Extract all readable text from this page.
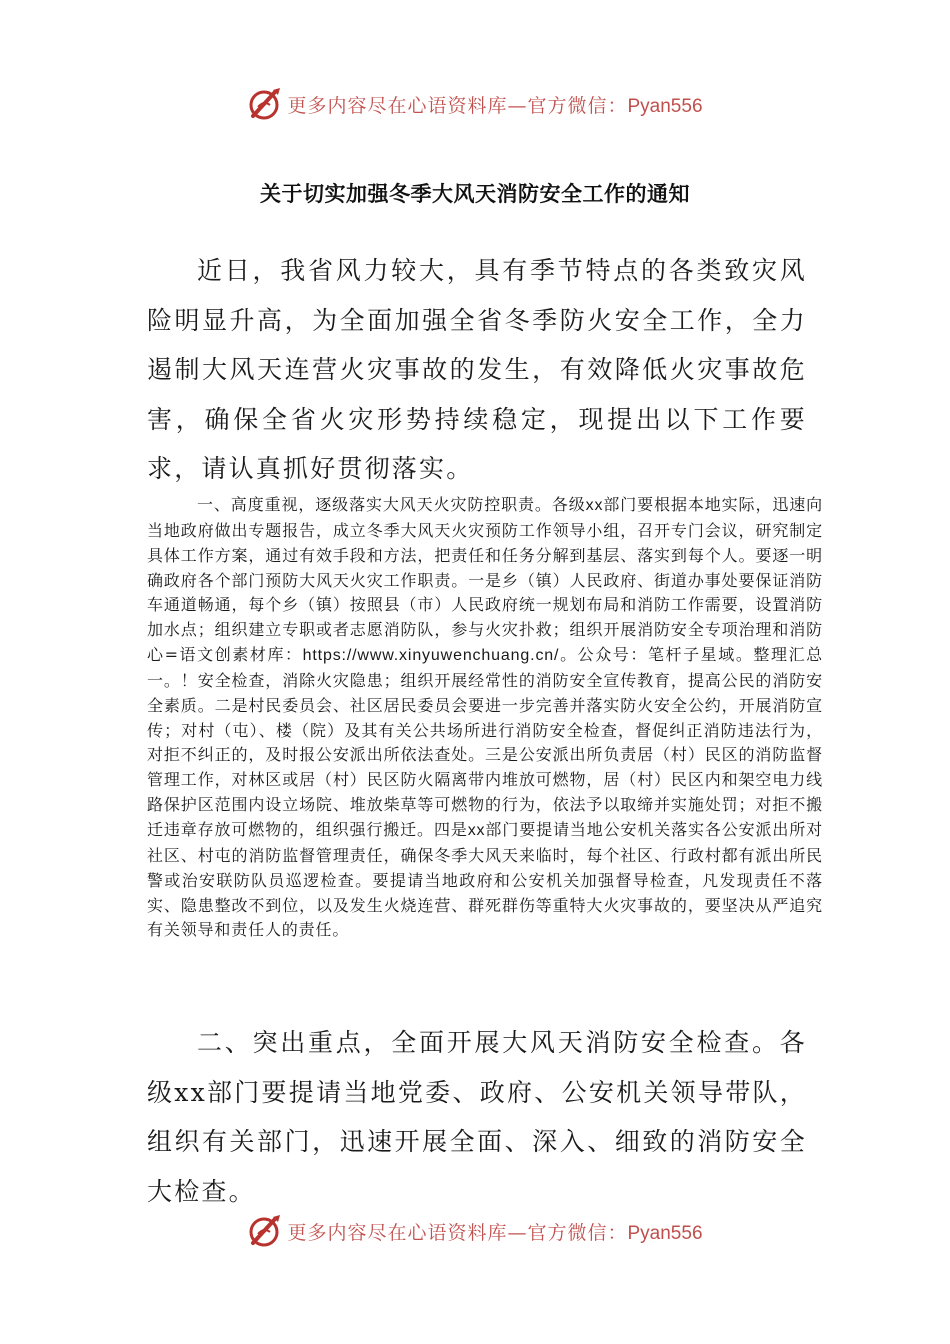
更多内容尽在心语资料库—官方微信：Pyan556
关于切实加强冬季大风天消防安全工作的通知

近日，我省风力较大，具有季节特点的各类致灾风险明显升高，为全面加强全省冬季防火安全工作，全力遏制大风天连营火灾事故的发生，有效降低火灾事故危害，确保全省火灾形势持续稳定，现提出以下工作要求，请认真抓好贯彻落实。

一、高度重视，逐级落实大风天火灾防控职责。各级xx部门要根据本地实际，迅速向当地政府做出专题报告，成立冬季大风天火灾预防工作领导小组，召开专门会议，研究制定具体工作方案，通过有效手段和方法，把责任和任务分解到基层、落实到每个人。要逐一明确政府各个部门预防大风天火灾工作职责。一是乡（镇）人民政府、街道办事处要保证消防车通道畅通，每个乡（镇）按照县（市）人民政府统一规划布局和消防工作需要，设置消防加水点；组织建立专职或者志愿消防队，参与火灾扑救；组织开展消防安全专项治理和消防心=语文创素材库：https://www.xinyuwenchuang.cn/。公众号：笔杆子星域。整理汇总一。！安全检查，消除火灾隐患；组织开展经常性的消防安全宣传教育，提高公民的消防安全素质。二是村民委员会、社区居民委员会要进一步完善并落实防火安全公约，开展消防宣传；对村（屯）、楼（院）及其有关公共场所进行消防安全检查，督促纠正消防违法行为，对拒不纠正的，及时报公安派出所依法查处。三是公安派出所负责居（村）民区的消防监督管理工作，对林区或居（村）民区防火隔离带内堆放可燃物，居（村）民区内和架空电力线路保护区范围内设立场院、堆放柴草等可燃物的行为，依法予以取缔并实施处罚；对拒不搬迁违章存放可燃物的，组织强行搬迁。四是xx部门要提请当地公安机关落实各公安派出所对社区、村屯的消防监督管理责任，确保冬季大风天来临时，每个社区、行政村都有派出所民警或治安联防队员巡逻检查。要提请当地政府和公安机关加强督导检查，凡发现责任不落实、隐患整改不到位，以及发生火烧连营、群死群伤等重特大火灾事故的，要坚决从严追究有关领导和责任人的责任。

二、突出重点，全面开展大风天消防安全检查。各级xx部门要提请当地党委、政府、公安机关领导带队，组织有关部门，迅速开展全面、深入、细致的消防安全大检查。

更多内容尽在心语资料库—官方微信：Pyan556
